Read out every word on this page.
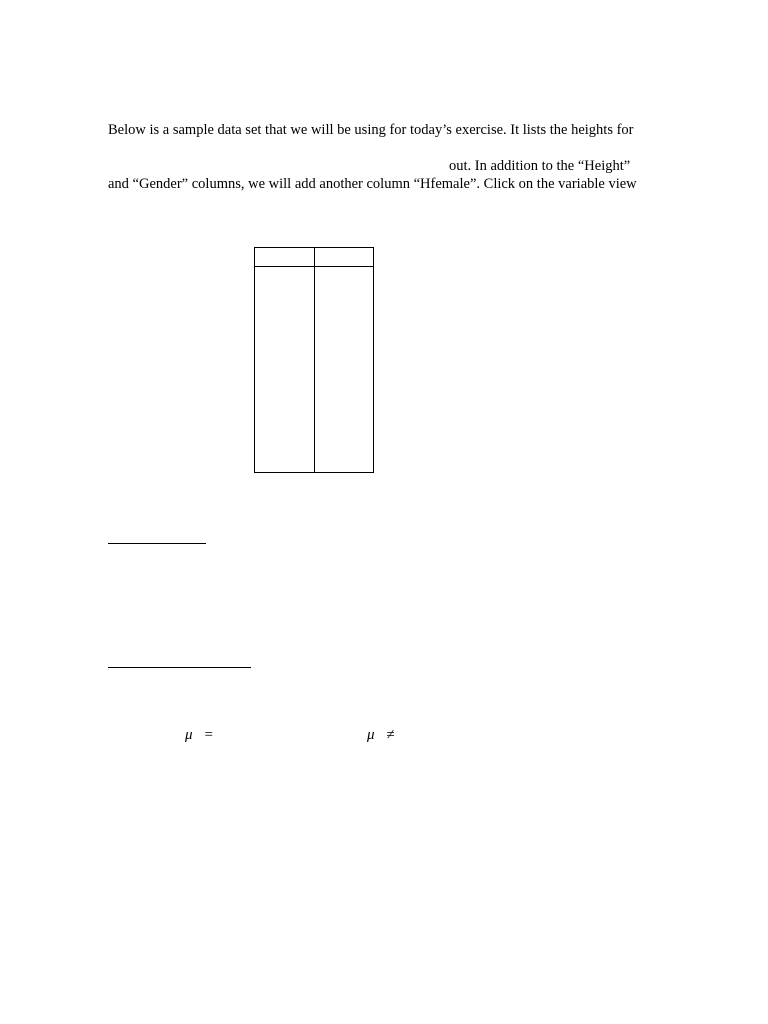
Below is a sample data set that we will be using for today’s exercise. It lists the heights for
out. In addition to the “Height”
and “Gender” columns, we will add another column “Hfemale”. Click on the variable view
μ =	μ ≠
